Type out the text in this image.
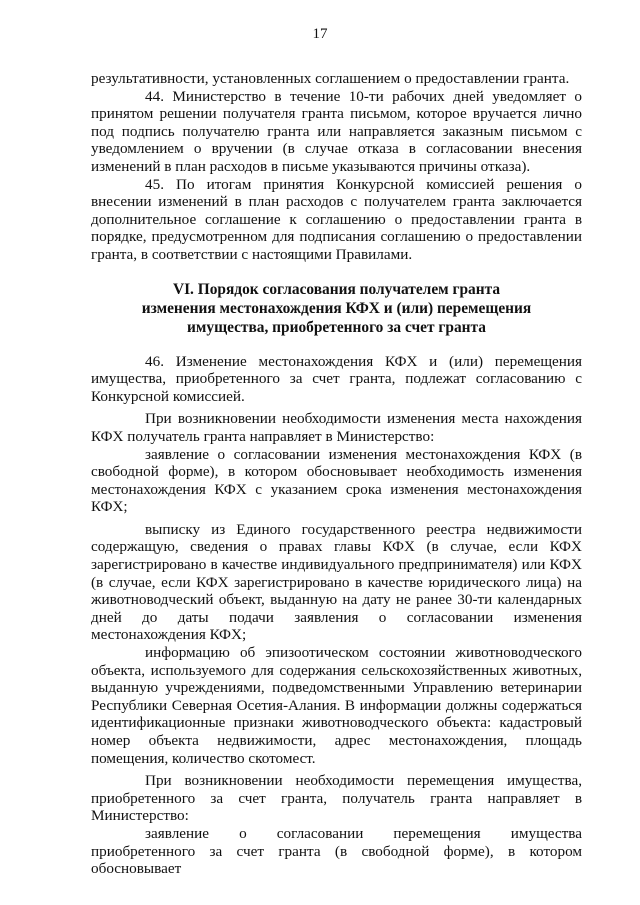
17

результативности, установленных соглашением о предоставлении гранта.

44. Министерство в течение 10-ти рабочих дней уведомляет о принятом решении получателя гранта письмом, которое вручается лично под подпись получателю гранта или направляется заказным письмом с уведомлением о вручении (в случае отказа в согласовании внесения изменений в план расходов в письме указываются причины отказа).

45. По итогам принятия Конкурсной комиссией решения о внесении изменений в план расходов с получателем гранта заключается дополнительное соглашение к соглашению о предоставлении гранта в порядке, предусмотренном для подписания соглашению о предоставлении гранта, в соответствии с настоящими Правилами.

VI. Порядок согласования получателем гранта
изменения местонахождения КФХ и (или) перемещения
имущества, приобретенного за счет гранта

46. Изменение местонахождения КФХ и (или) перемещения имущества, приобретенного за счет гранта, подлежат согласованию с Конкурсной комиссией.

При возникновении необходимости изменения места нахождения КФХ получатель гранта направляет в Министерство:

заявление о согласовании изменения местонахождения КФХ (в свободной форме), в котором обосновывает необходимость изменения местонахождения КФХ с указанием срока изменения местонахождения КФХ;

выписку из Единого государственного реестра недвижимости содержащую, сведения о правах главы КФХ (в случае, если КФХ зарегистрировано в качестве индивидуального предпринимателя) или КФХ (в случае, если КФХ зарегистрировано в качестве юридического лица) на животноводческий объект, выданную на дату не ранее 30-ти календарных дней до даты подачи заявления о согласовании изменения местонахождения КФХ;

информацию об эпизоотическом состоянии животноводческого объекта, используемого для содержания сельскохозяйственных животных, выданную учреждениями, подведомственными Управлению ветеринарии Республики Северная Осетия-Алания. В информации должны содержаться идентификационные признаки животноводческого объекта: кадастровый номер объекта недвижимости, адрес местонахождения, площадь помещения, количество скотомест.

При возникновении необходимости перемещения имущества, приобретенного за счет гранта, получатель гранта направляет в Министерство:

заявление о согласовании перемещения имущества приобретенного за счет гранта (в свободной форме), в котором обосновывает
